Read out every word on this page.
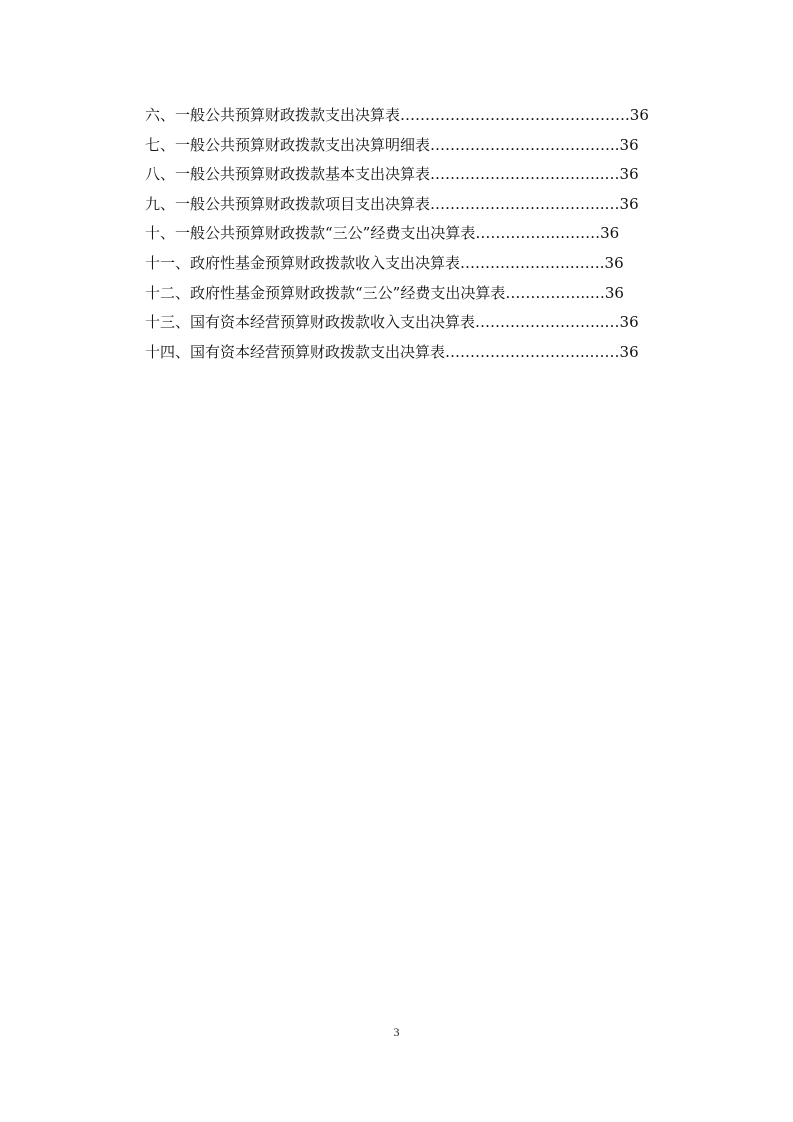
六、一般公共预算财政拨款支出决算表……………………………………….36
七、一般公共预算财政拨款支出决算明细表………………………………..36
八、一般公共预算财政拨款基本支出决算表……………………………..…36
九、一般公共预算财政拨款项目支出决算表……………………………..…36
十、一般公共预算财政拨款“三公”经费支出决算表…………….………36
十一、政府性基金预算财政拨款收入支出决算表………………….…….36
十二、政府性基金预算财政拨款“三公”经费支出决算表……………..…36
十三、国有资本经营预算财政拨款收入支出决算表……………………..…36
十四、国有资本经营预算财政拨款支出决算表………………………..……36
3
